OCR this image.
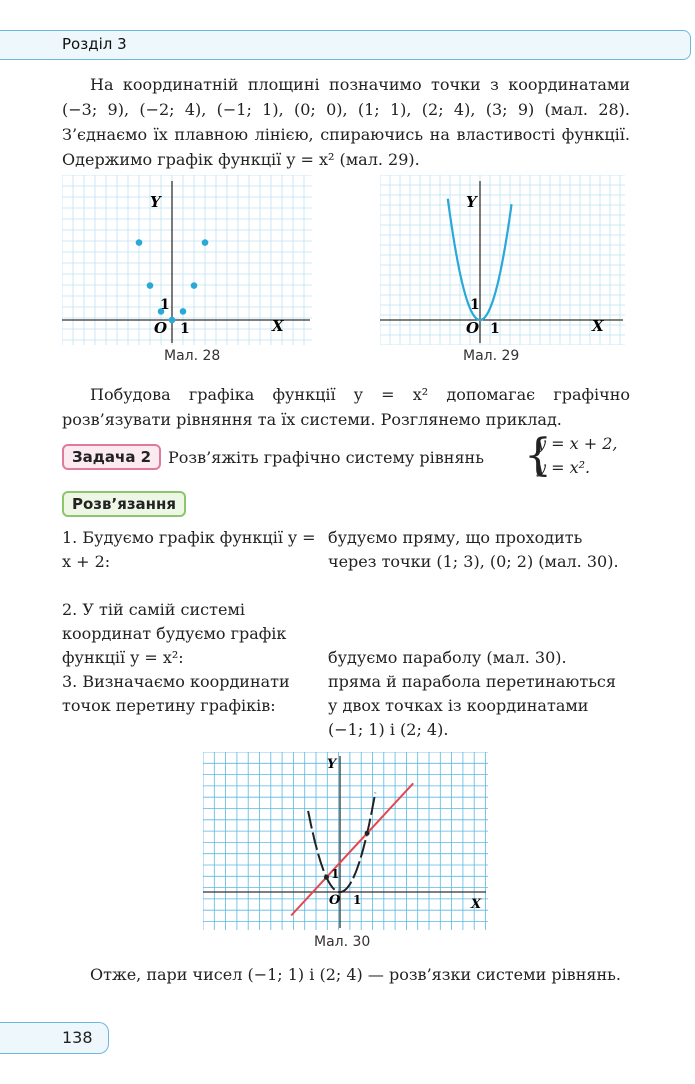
Розділ 3

На координатній площині позначимо точки з координатами (−3; 9), (−2; 4), (−1; 1), (0; 0), (1; 1), (2; 4), (3; 9) (мал. 28). З’єднаємо їх плавною лінією, спираючись на властивості функції. Одержимо графік функції y = x² (мал. 29).

Y
X
O 1
1
Мал. 28
Y
X
O 1
1
Мал. 29

Побудова графіка функції y = x² допомагає графічно розв’язувати рівняння та їх системи. Розглянемо приклад.

Задача 2	Розв’яжіть графічно систему рівнянь {
y = x + 2,
y = x².
Розв’язання
1. Будуємо графік функції y = x + 2:
будуємо пряму, що проходить через точки (1; 3), (0; 2) (мал. 30).
2. У тій самій системі координат будуємо графік функції y = x²:	будуємо параболу (мал. 30).
3. Визначаємо координати точок перетину графіків:
пряма й парабола перетинаються у двох точках із координатами (−1; 1) і (2; 4).
Y
X
O 1
1
Мал. 30

Отже, пари чисел (−1; 1) і (2; 4) — розв’язки системи рівнянь.

138
